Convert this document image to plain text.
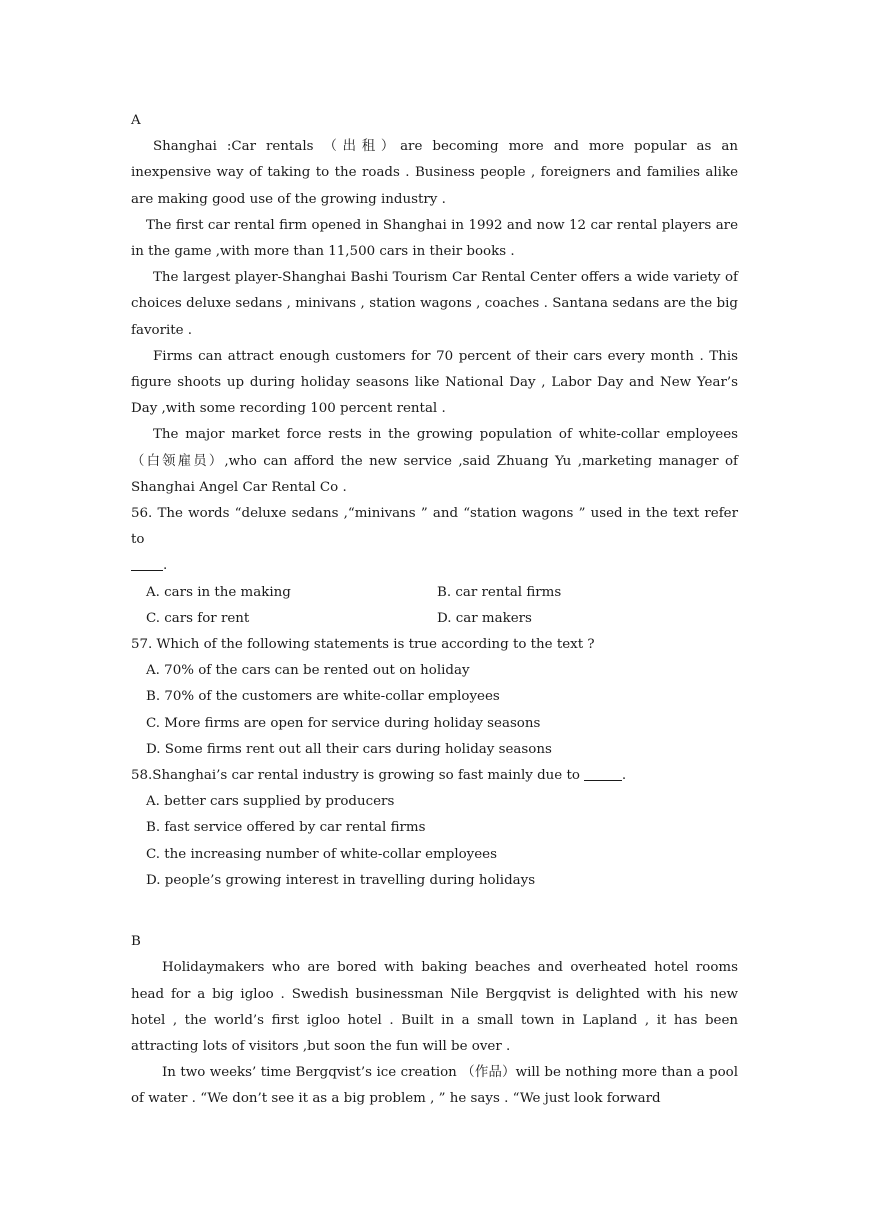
A

Shanghai :Car rentals （出租）are becoming more and more popular as an inexpensive way of taking to the roads . Business people , foreigners and families alike are making good use of the growing industry .

The first car rental firm opened in Shanghai in 1992 and now 12 car rental players are in the game ,with more than 11,500 cars in their books .

The largest player-Shanghai Bashi Tourism Car Rental Center offers a wide variety of choices deluxe sedans , minivans , station wagons , coaches . Santana sedans are the big favorite .

Firms can attract enough customers for 70 percent of their cars every month . This figure shoots up during holiday seasons like National Day , Labor Day and New Year’s Day ,with some recording 100 percent rental .

The major market force rests in the growing population of white-collar employees （白领雇员）,who can afford the new service ,said Zhuang Yu ,marketing manager of Shanghai Angel Car Rental Co .

56. The words “deluxe sedans ,“minivans ” and “station wagons ” used in the text refer to

.
A. cars in the making	B. car rental firms
C. cars for rent	D. car makers

57. Which of the following statements is true according to the text ?

A. 70% of the cars can be rented out on holiday
B. 70% of the customers are white-collar employees
C. More firms are open for service during holiday seasons
D. Some firms rent out all their cars during holiday seasons

58.Shanghai’s car rental industry is growing so fast mainly due to	.

A. better cars supplied by producers
B. fast service offered by car rental firms
C. the increasing number of white-collar employees
D. people’s growing interest in travelling during holidays
B

Holidaymakers who are bored with baking beaches and overheated hotel rooms head for a big igloo . Swedish businessman Nile Bergqvist is delighted with his new hotel , the world’s first igloo hotel . Built in a small town in Lapland , it has been attracting lots of visitors ,but soon the fun will be over .

In two weeks’ time Bergqvist’s ice creation （作品）will be nothing more than a pool of water . “We don’t see it as a big problem , ” he says . “We just look forward
